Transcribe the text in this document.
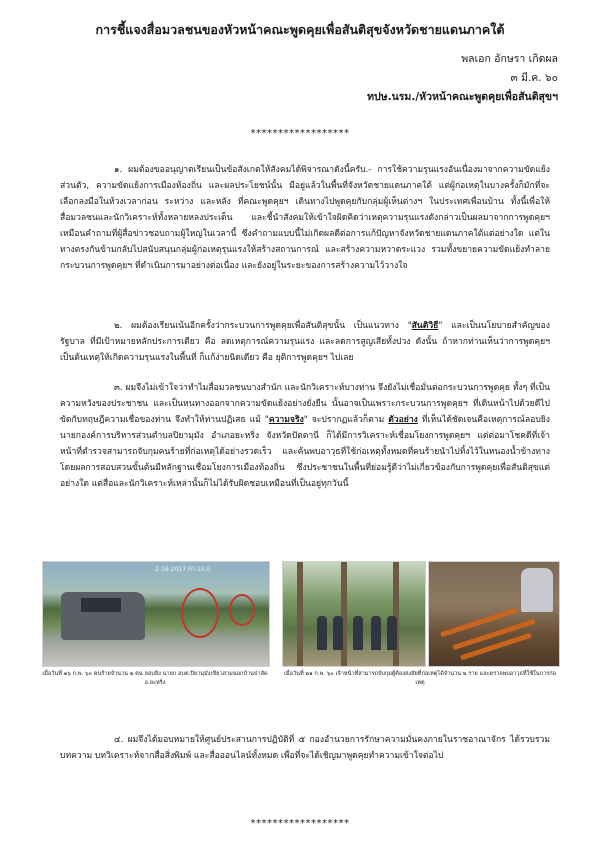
การชี้แจงสื่อมวลชนของหัวหน้าคณะพูดคุยเพื่อสันติสุขจังหวัดชายแดนภาคใต้
พลเอก อักษรา เกิดผล
๓ มี.ค. ๖๐
ทปษ.นรม./หัวหน้าคณะพูดคุยเพื่อสันติสุขฯ
******************

๑. ผมต้องขออนุญาตเรียนเป็นข้อสังเกตให้สังคมได้พิจารณาดังนี้ครับ.- การใช้ความรุนแรงอันเนื่องมาจากความขัดแย้งส่วนตัว, ความขัดแย้งการเมืองท้องถิ่น และผลประโยชน์นั้น มีอยู่แล้วในพื้นที่จังหวัดชายแดนภาคใต้ แต่ผู้ก่อเหตุในบางครั้งก็มักที่จะเลือกลงมือในห้วงเวลาก่อน ระหว่าง และหลัง ที่คณะพูดคุยฯ เดินทางไปพูดคุยกับกลุ่มผู้เห็นต่างฯ ในประเทศเพื่อนบ้าน ทั้งนี้เพื่อให้สื่อมวลชนและนักวิเคราะห์ทั้งหลายหลงประเด็น และชี้นำสังคมให้เข้าใจผิดคิดว่าเหตุความรุนแรงดังกล่าวเป็นผลมาจากการพูดคุยฯ เหมือนคำถามที่ผู้สื่อข่าวชอบถามผู้ใหญ่ในเวลานี้ ซึ่งคำถามแบบนี้ไม่เกิดผลดีต่อการแก้ปัญหาจังหวัดชายแดนภาคใต้แต่อย่างใด แต่ในทางตรงกันข้ามกลับไปสนับสนุนกลุ่มผู้ก่อเหตุรุนแรงให้สร้างสถานการณ์ และสร้างความหวาดระแวง รวมทั้งขยายความขัดแย้งทำลายกระบวนการพูดคุยฯ ที่ดำเนินการมาอย่างต่อเนื่อง และยังอยู่ในระยะของการสร้างความไว้วางใจ

๒. ผมต้องเรียนเน้นอีกครั้งว่ากระบวนการพูดคุยเพื่อสันติสุขนั้น เป็นแนวทาง "สันติวิธี" และเป็นนโยบายสำคัญของรัฐบาล ที่มีเป้าหมายหลักประการเดียว คือ ลดเหตุการณ์ความรุนแรง และลดการสูญเสียทั้งปวง ดังนั้น ถ้าหากท่านเห็นว่าการพูดคุยฯ เป็นต้นเหตุให้เกิดความรุนแรงในพื้นที่ ก็แก้ง่ายนิดเดียว คือ ยุติการพูดคุยฯ ไปเลย

๓. ผมจึงไม่เข้าใจว่าทำไมสื่อมวลชนบางสำนัก และนักวิเคราะห์บางท่าน จึงยังไม่เชื่อมั่นต่อกระบวนการพูดคุย ทั้งๆ ที่เป็นความหวังของประชาชน และเป็นหนทางออกจากความขัดแย้งอย่างยั่งยืน นั้นอาจเป็นเพราะกระบวนการพูดคุยฯ ที่เดินหน้าไปด้วยดีไปขัดกับทฤษฎีความเชื่อของท่าน จึงทำให้ท่านปฏิเสธ แม้ "ความจริง" จะปรากฏแล้วก็ตาม ตัวอย่าง ที่เห็นได้ชัดเจนคือเหตุการณ์ลอบยิงนายกองค์การบริหารส่วนตำบลปิยามุมัง อำเภอยะหริ่ง จังหวัดปัตตานี ก็ได้มีการวิเคราะห์เชื่อมโยงการพูดคุยฯ แต่ต่อมาโชคดีที่เจ้าหน้าที่ตำรวจสามารถจับกุมคนร้ายที่ก่อเหตุได้อย่างรวดเร็ว และค้นพบอาวุธที่ใช้ก่อเหตุทั้งหมดที่คนร้ายนำไปทิ้งไว้ในหนองน้ำข้างทาง โดยผลการสอบสวนขั้นต้นมีหลักฐานเชื่อมโยงการเมืองท้องถิ่น ซึ่งประชาชนในพื้นที่ย่อมรู้ดีว่าไม่เกี่ยวข้องกับการพูดคุยเพื่อสันติสุขแต่อย่างใด แต่สื่อและนักวิเคราะห์เหล่านั้นก็ไม่ได้รับผิดชอบเหมือนที่เป็นอยู่ทุกวันนี้

2-16-2017 Fri 15:0
เมื่อวันที่ ๑๖ ก.พ. ๖๐ คนร้ายจำนวน ๒ คน ลอบยิง นายก อบต.ปิยามุมังเขียวสามนอกบ้านปาลัด อ.ยะหริ่ง
เมื่อวันที่ ๒๑ ก.พ. ๖๐ เจ้าหน้าที่สามารถจับกุมผู้ต้องสงสัยที่ก่อเหตุได้จำนวน ๒ ราย และตรวจพบอาวุธที่ใช้ในการก่อเหตุ

๔. ผมจึงได้มอบหมายให้ศูนย์ประสานการปฏิบัติที่ ๕ กองอำนวยการรักษาความมั่นคงภายในราชอาณาจักร ได้รวบรวมบทความ บทวิเคราะห์จากสื่อสิ่งพิมพ์ และสื่อออนไลน์ทั้งหมด เพื่อที่จะได้เชิญมาพูดคุยทำความเข้าใจต่อไป

******************
